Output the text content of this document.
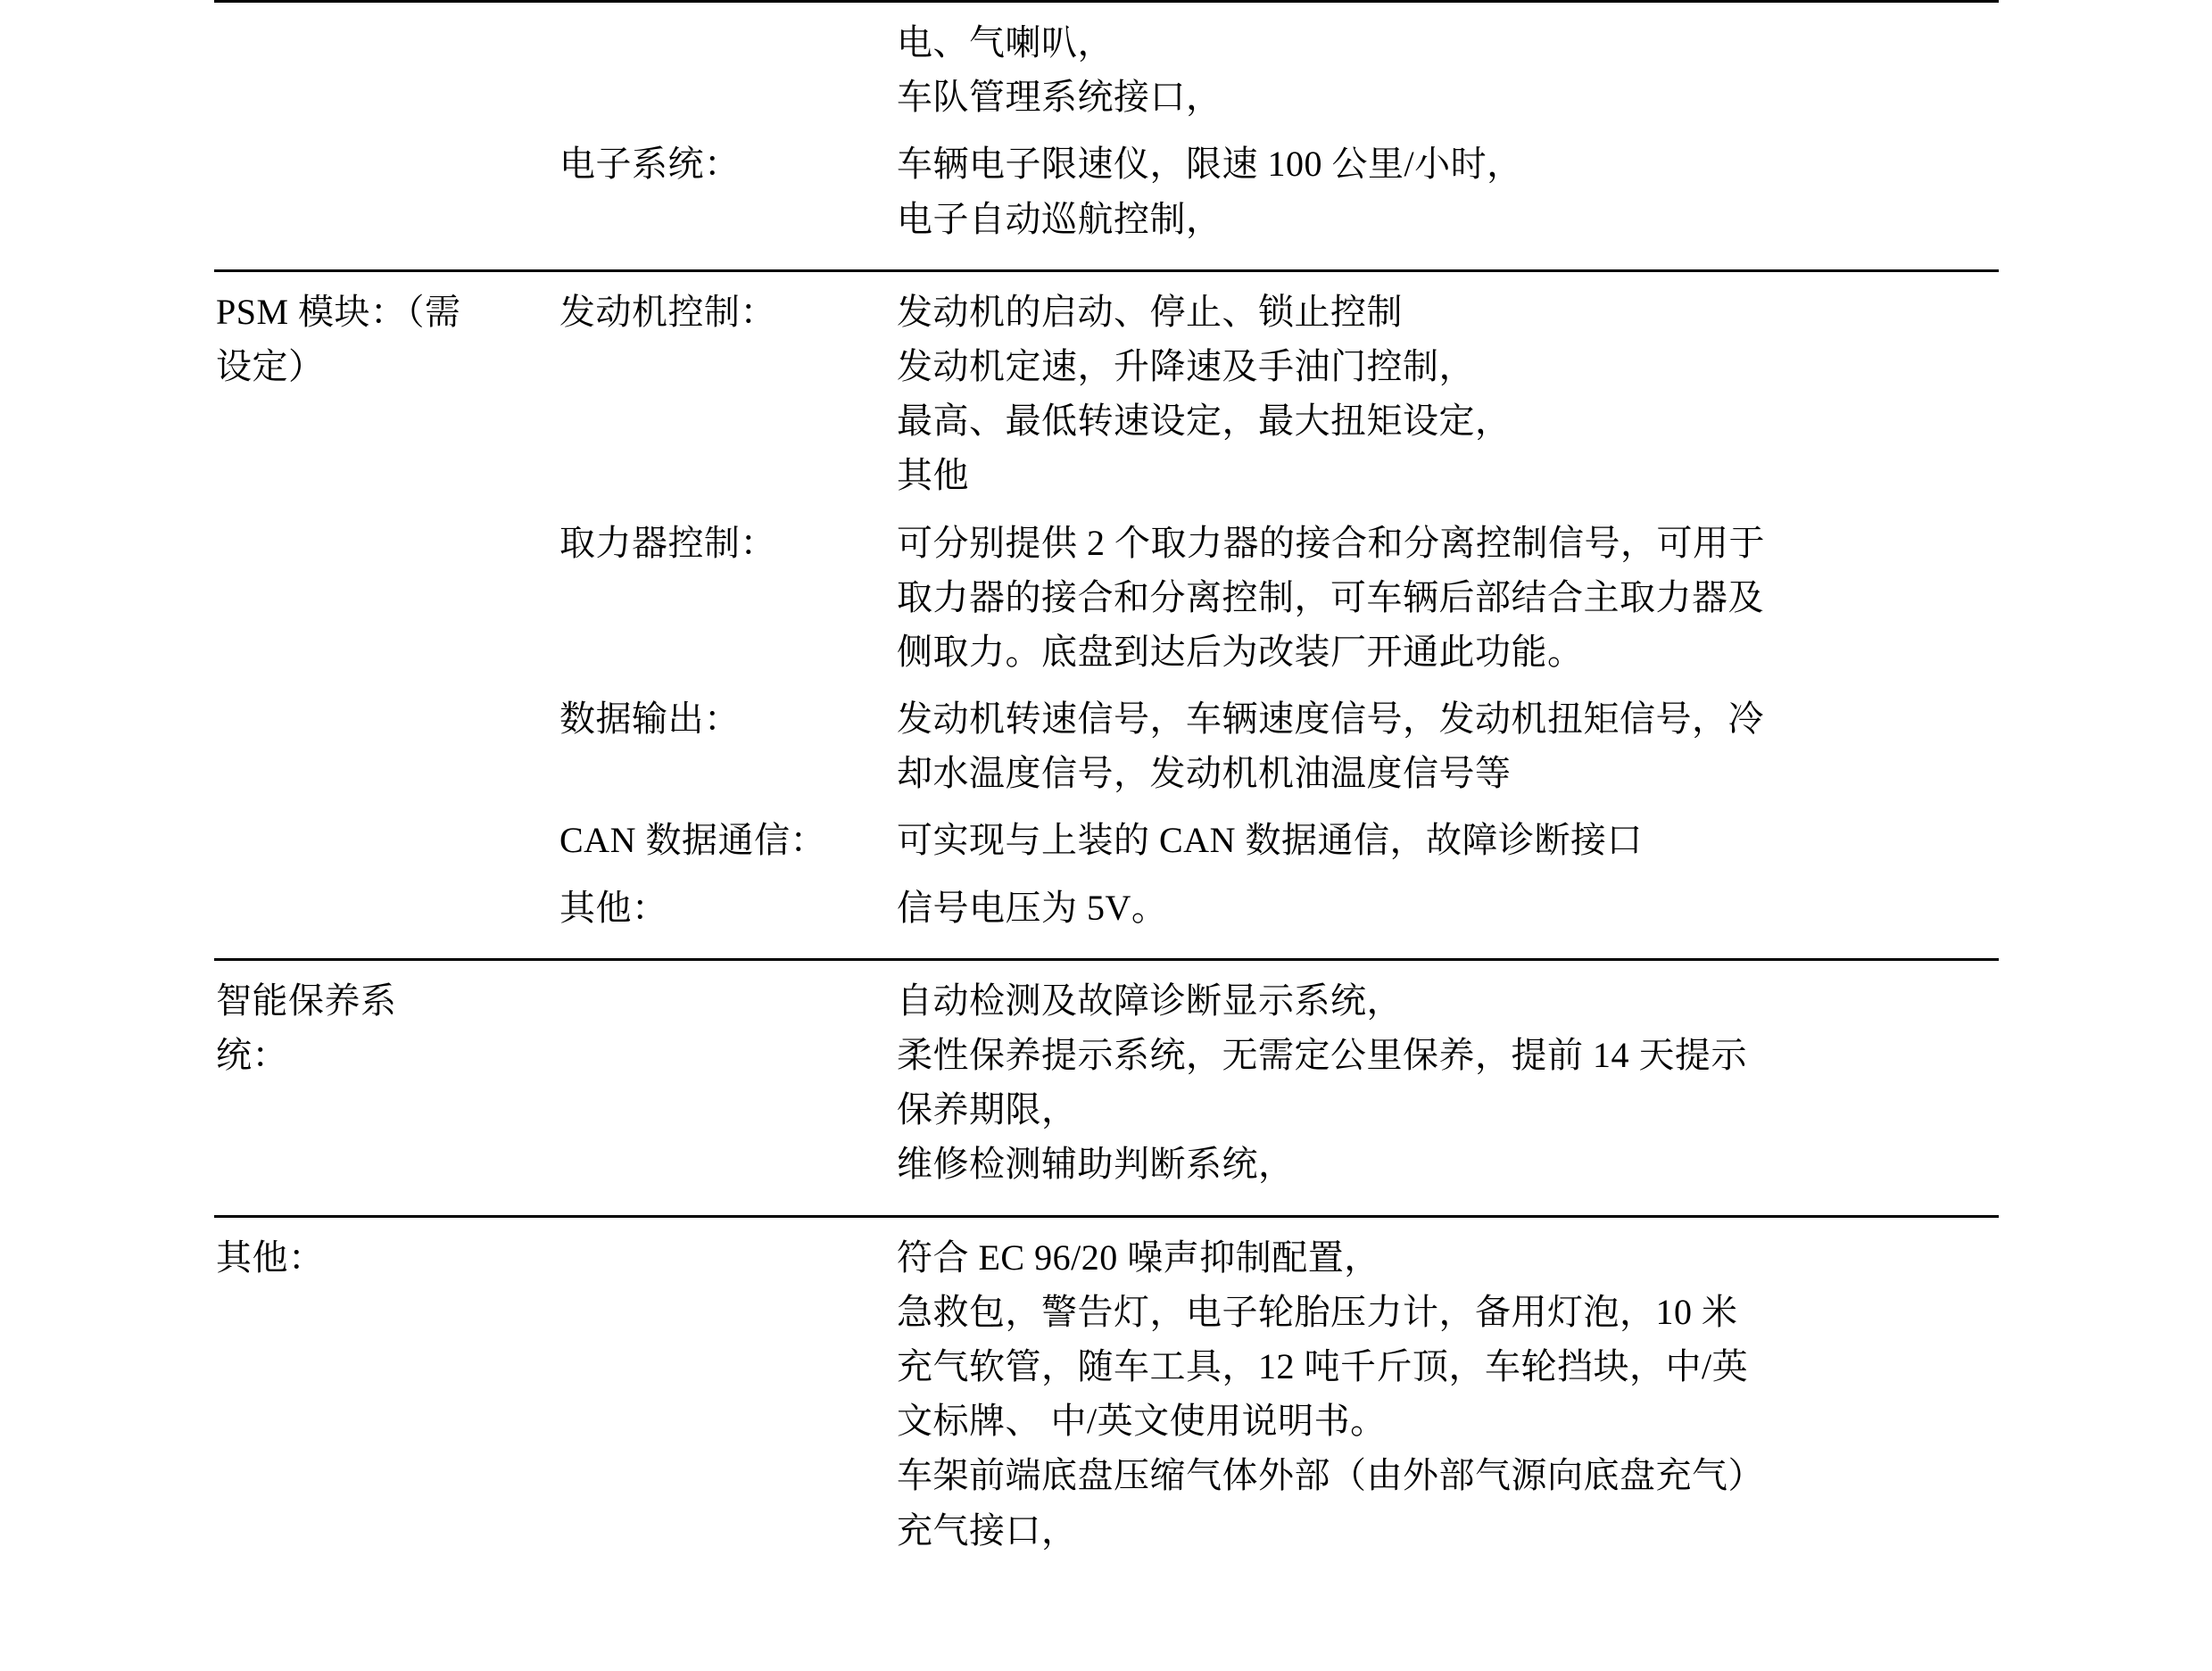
		电、气喇叭，
车队管理系统接口，

	电子系统：	车辆电子限速仪，限速 100 公里/小时，
电子自动巡航控制，

PSM 模块：（需
设定）	发动机控制：	发动机的启动、停止、锁止控制
发动机定速，升降速及手油门控制，
最高、最低转速设定，最大扭矩设定，
其他

	取力器控制：	可分别提供 2 个取力器的接合和分离控制信号，可用于
取力器的接合和分离控制，可车辆后部结合主取力器及
侧取力。底盘到达后为改装厂开通此功能。

	数据输出：	发动机转速信号，车辆速度信号，发动机扭矩信号，冷
却水温度信号，发动机机油温度信号等

	CAN 数据通信：	可实现与上装的 CAN 数据通信，故障诊断接口

	其他：	信号电压为 5V。

智能保养系
统：		自动检测及故障诊断显示系统，
柔性保养提示系统，无需定公里保养，提前 14 天提示
保养期限，
维修检测辅助判断系统，

其他：		符合 EC 96/20 噪声抑制配置，
急救包，警告灯，电子轮胎压力计，备用灯泡，10 米
充气软管，随车工具，12 吨千斤顶，车轮挡块，中/英
文标牌、 中/英文使用说明书。
车架前端底盘压缩气体外部（由外部气源向底盘充气）
充气接口，
